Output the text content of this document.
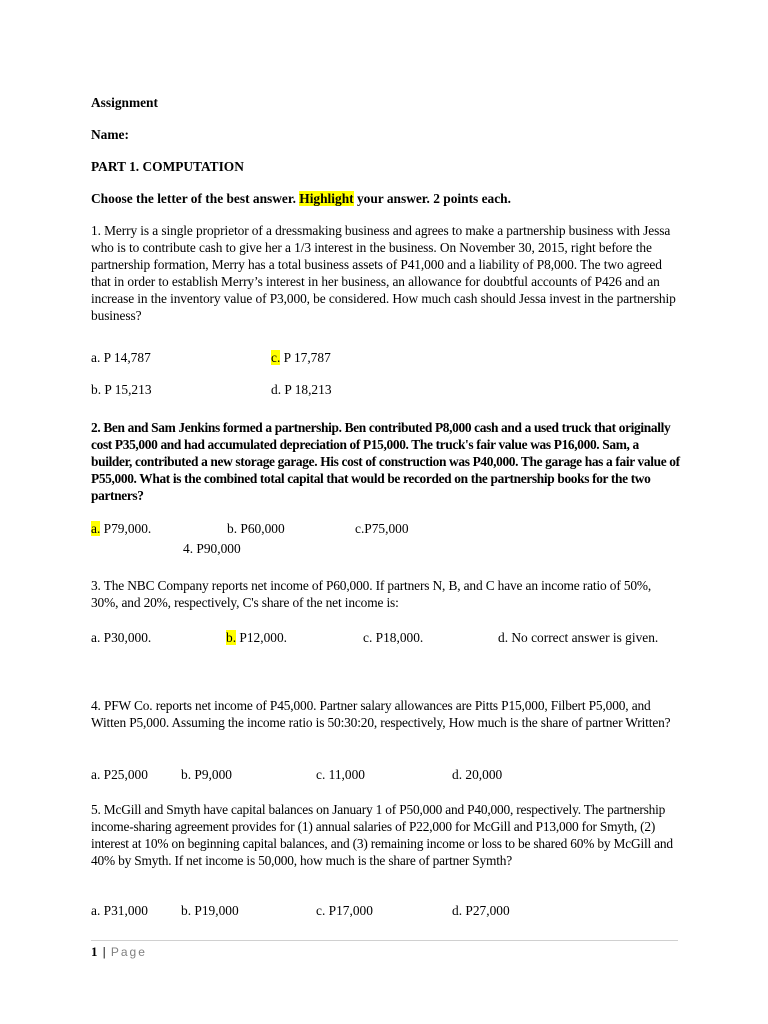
Assignment
Name:
PART 1. COMPUTATION
Choose the letter of the best answer. Highlight your answer. 2 points each.
1. Merry is a single proprietor of a dressmaking business and agrees to make a partnership business with Jessa who is to contribute cash to give her a 1/3 interest in the business. On November 30, 2015, right before the partnership formation, Merry has a total business assets of P41,000 and a liability of P8,000. The two agreed that in order to establish Merry’s interest in her business, an allowance for doubtful accounts of P426 and an increase in the inventory value of P3,000, be considered. How much cash should Jessa invest in the partnership business?
a. P 14,787	c. P 17,787
b. P 15,213	d. P 18,213
2. Ben and Sam Jenkins formed a partnership. Ben contributed P8,000 cash and a used truck that originally cost P35,000 and had accumulated depreciation of P15,000. The truck's fair value was P16,000. Sam, a builder, contributed a new storage garage. His cost of construction was P40,000. The garage has a fair value of P55,000. What is the combined total capital that would be recorded on the partnership books for the two partners?
a. P79,000.	b. P60,000	c.P75,000
4. P90,000
3. The NBC Company reports net income of P60,000. If partners N, B, and C have an income ratio of 50%, 30%, and 20%, respectively, C's share of the net income is:
a. P30,000.	b. P12,000.	c. P18,000.	d. No correct answer is given.
4. PFW Co. reports net income of P45,000. Partner salary allowances are Pitts P15,000, Filbert P5,000, and Witten P5,000. Assuming the income ratio is 50:30:20, respectively, How much is the share of partner Written?
a. P25,000 b. P9,000	c. 11,000	d. 20,000
5. McGill and Smyth have capital balances on January 1 of P50,000 and P40,000, respectively. The partnership income-sharing agreement provides for (1) annual salaries of P22,000 for McGill and P13,000 for Smyth, (2) interest at 10% on beginning capital balances, and (3) remaining income or loss to be shared 60% by McGill and 40% by Smyth. If net income is 50,000, how much is the share of partner Symth?
a. P31,000 b. P19,000	c. P17,000	d. P27,000
1 | Page
